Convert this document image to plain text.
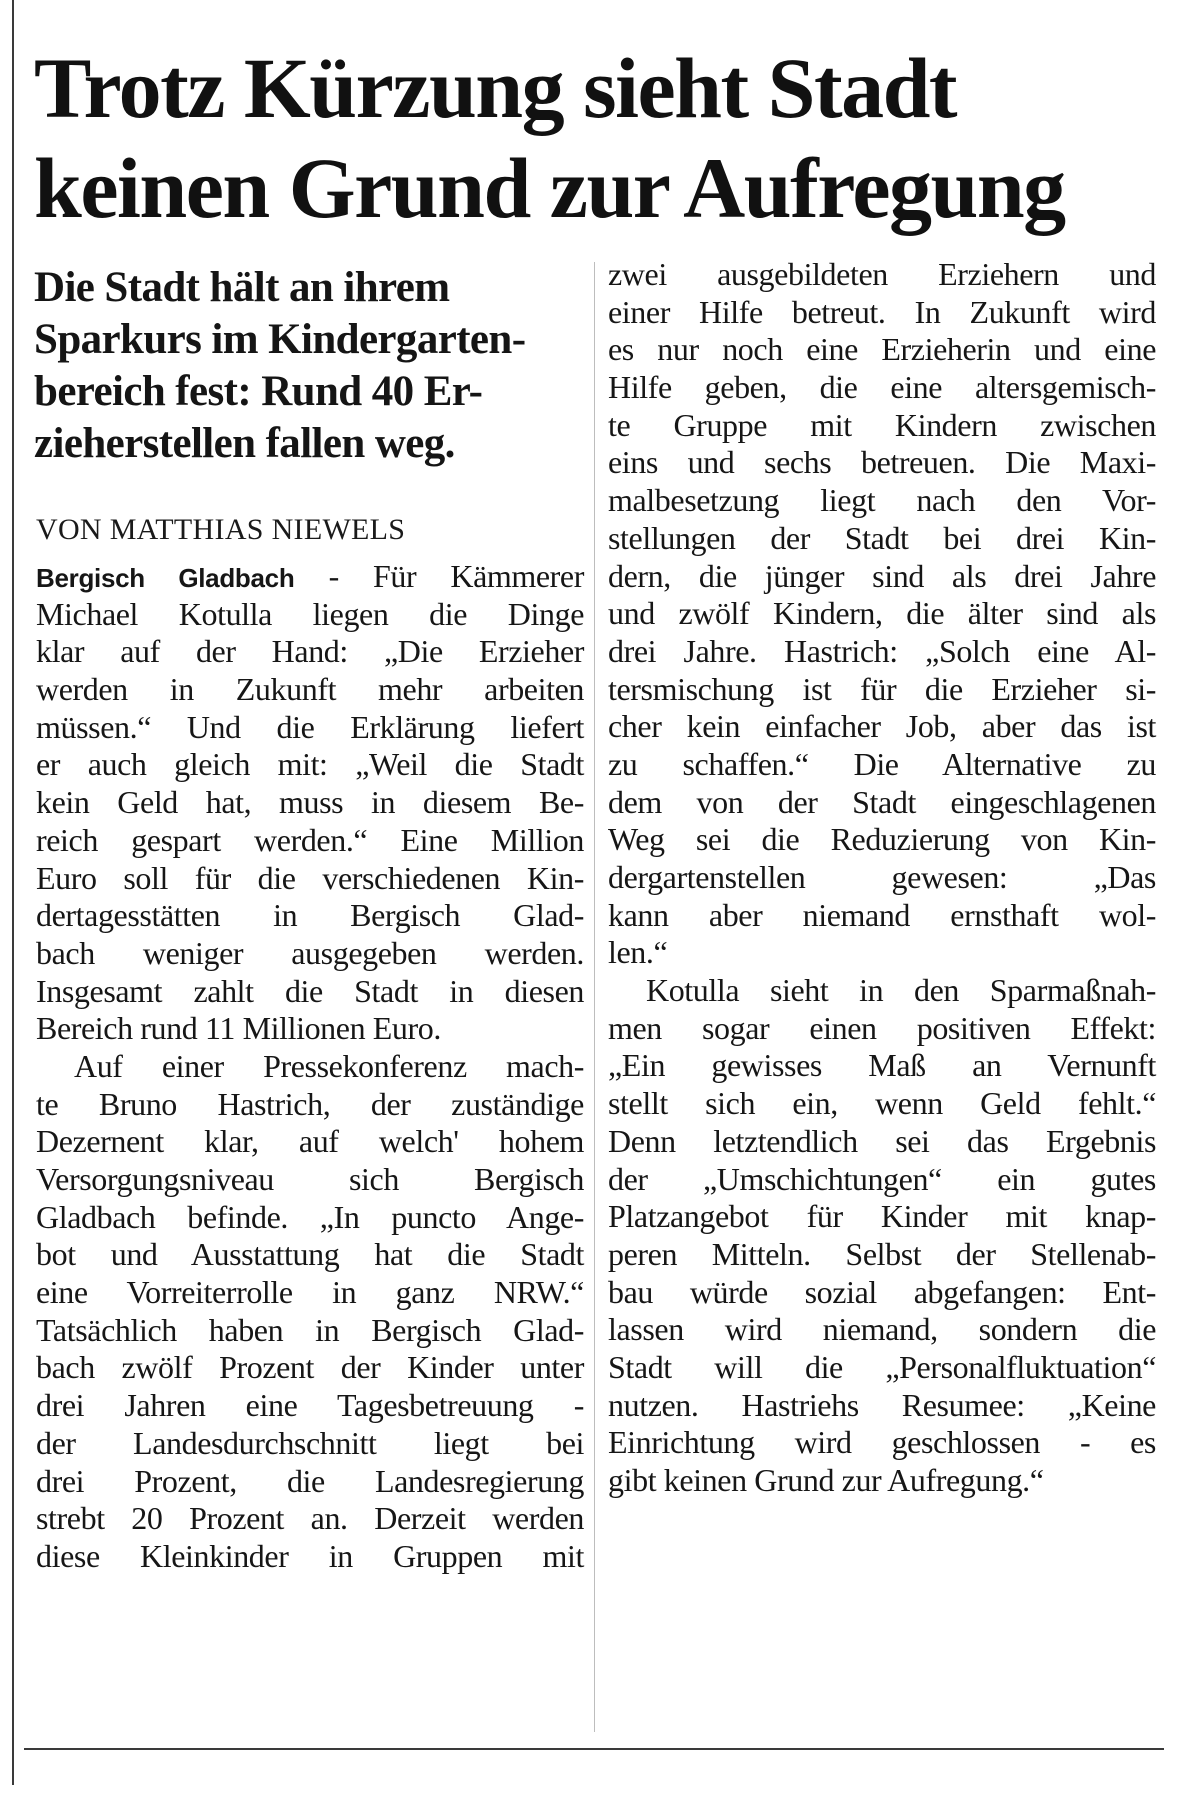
Trotz Kürzung sieht Stadt
keinen Grund zur Aufregung
Die Stadt hält an ihrem
Sparkurs im Kindergarten-
bereich fest: Rund 40 Er-
zieherstellen fallen weg.
VON MATTHIAS NIEWELS
Bergisch Gladbach - Für Kämmerer
Michael Kotulla liegen die Dinge
klar auf der Hand: „Die Erzieher
werden in Zukunft mehr arbeiten
müssen.“ Und die Erklärung liefert
er auch gleich mit: „Weil die Stadt
kein Geld hat, muss in diesem Be-
reich gespart werden.“ Eine Million
Euro soll für die verschiedenen Kin-
dertagesstätten in Bergisch Glad-
bach weniger ausgegeben werden.
Insgesamt zahlt die Stadt in diesen
Bereich rund 11 Millionen Euro.
Auf einer Pressekonferenz mach-
te Bruno Hastrich, der zuständige
Dezernent klar, auf welch' hohem
Versorgungsniveau sich Bergisch
Gladbach befinde. „In puncto Ange-
bot und Ausstattung hat die Stadt
eine Vorreiterrolle in ganz NRW.“
Tatsächlich haben in Bergisch Glad-
bach zwölf Prozent der Kinder unter
drei Jahren eine Tagesbetreuung -
der Landesdurchschnitt liegt bei
drei Prozent, die Landesregierung
strebt 20 Prozent an. Derzeit werden
diese Kleinkinder in Gruppen mit
zwei ausgebildeten Erziehern und
einer Hilfe betreut. In Zukunft wird
es nur noch eine Erzieherin und eine
Hilfe geben, die eine altersgemisch-
te Gruppe mit Kindern zwischen
eins und sechs betreuen. Die Maxi-
malbesetzung liegt nach den Vor-
stellungen der Stadt bei drei Kin-
dern, die jünger sind als drei Jahre
und zwölf Kindern, die älter sind als
drei Jahre. Hastrich: „Solch eine Al-
tersmischung ist für die Erzieher si-
cher kein einfacher Job, aber das ist
zu schaffen.“ Die Alternative zu
dem von der Stadt eingeschlagenen
Weg sei die Reduzierung von Kin-
dergartenstellen gewesen: „Das
kann aber niemand ernsthaft wol-
len.“
Kotulla sieht in den Sparmaßnah-
men sogar einen positiven Effekt:
„Ein gewisses Maß an Vernunft
stellt sich ein, wenn Geld fehlt.“
Denn letztendlich sei das Ergebnis
der „Umschichtungen“ ein gutes
Platzangebot für Kinder mit knap-
peren Mitteln. Selbst der Stellenab-
bau würde sozial abgefangen: Ent-
lassen wird niemand, sondern die
Stadt will die „Personalfluktuation“
nutzen. Hastriehs Resumee: „Keine
Einrichtung wird geschlossen - es
gibt keinen Grund zur Aufregung.“
